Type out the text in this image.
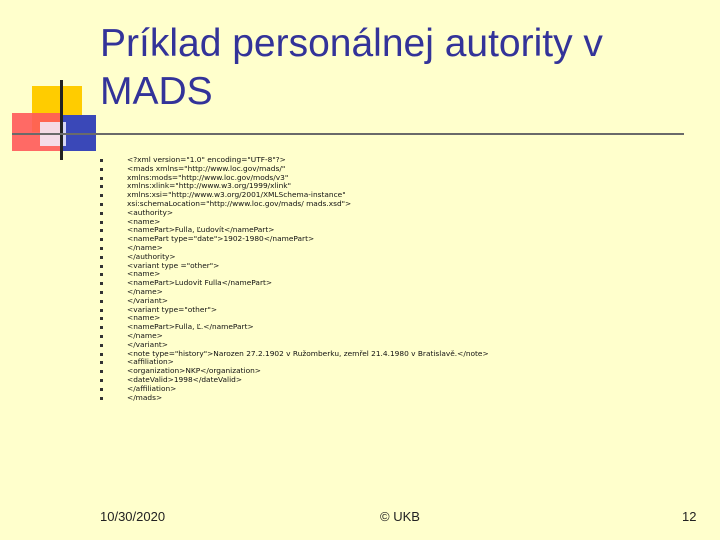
Príklad personálnej autority v MADS
<?xml version="1.0" encoding="UTF-8"?>
<mads xmlns="http://www.loc.gov/mads/"
xmlns:mods="http://www.loc.gov/mods/v3"
xmlns:xlink="http://www.w3.org/1999/xlink"
xmlns:xsi="http://www.w3.org/2001/XMLSchema-instance"
xsi:schemaLocation="http://www.loc.gov/mads/ mads.xsd">
<authority>
<name>
<namePart>Fulla, Ľudovít</namePart>
<namePart type="date">1902-1980</namePart>
</name>
</authority>
<variant type ="other">
<name>
<namePart>Ludovit Fulla</namePart>
</name>
</variant>
<variant type="other">
<name>
<namePart>Fulla, Ľ.</namePart>
</name>
</variant>
<note type="history">Narozen 27.2.1902 v Ružomberku, zemřel 21.4.1980 v Bratislavě.</note>
<affiliation>
<organization>NKP</organization>
<dateValid>1998</dateValid>
</affiliation>
</mads>
10/30/2020	© UKB	12
